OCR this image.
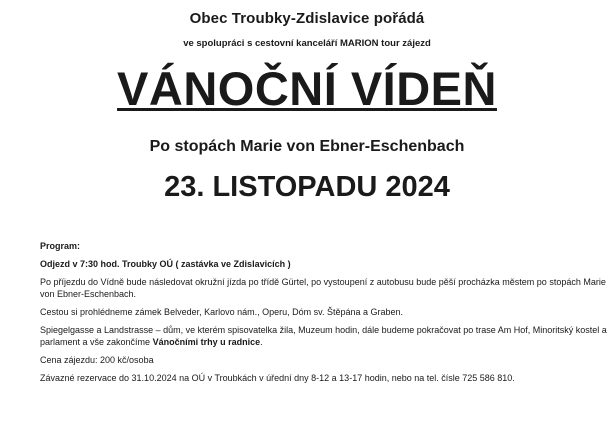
Obec Troubky-Zdislavice pořádá
ve spolupráci s cestovní kanceláří MARION tour zájezd
VÁNOČNÍ VÍDEŇ
Po stopách Marie von Ebner-Eschenbach
23. LISTOPADU 2024

Program:

Odjezd v 7:30 hod. Troubky OÚ ( zastávka ve Zdislavicích )

Po příjezdu do Vídně bude následovat okružní jízda po třídě Gürtel, po vystoupení z autobusu bude pěší procházka městem po stopách Marie von Ebner-Eschenbach.

Cestou si prohlédneme zámek Belveder, Karlovo nám., Operu, Dóm sv. Štěpána a Graben.

Spiegelgasse a Landstrasse – dům, ve kterém spisovatelka žila, Muzeum hodin, dále budeme pokračovat po trase Am Hof, Minoritský kostel a parlament a vše zakončíme Vánočními trhy u radnice.

Cena zájezdu: 200 kč/osoba

Závazné rezervace do 31.10.2024 na OÚ v Troubkách v úřední dny 8-12 a 13-17 hodin, nebo na tel. čísle 725 586 810.
